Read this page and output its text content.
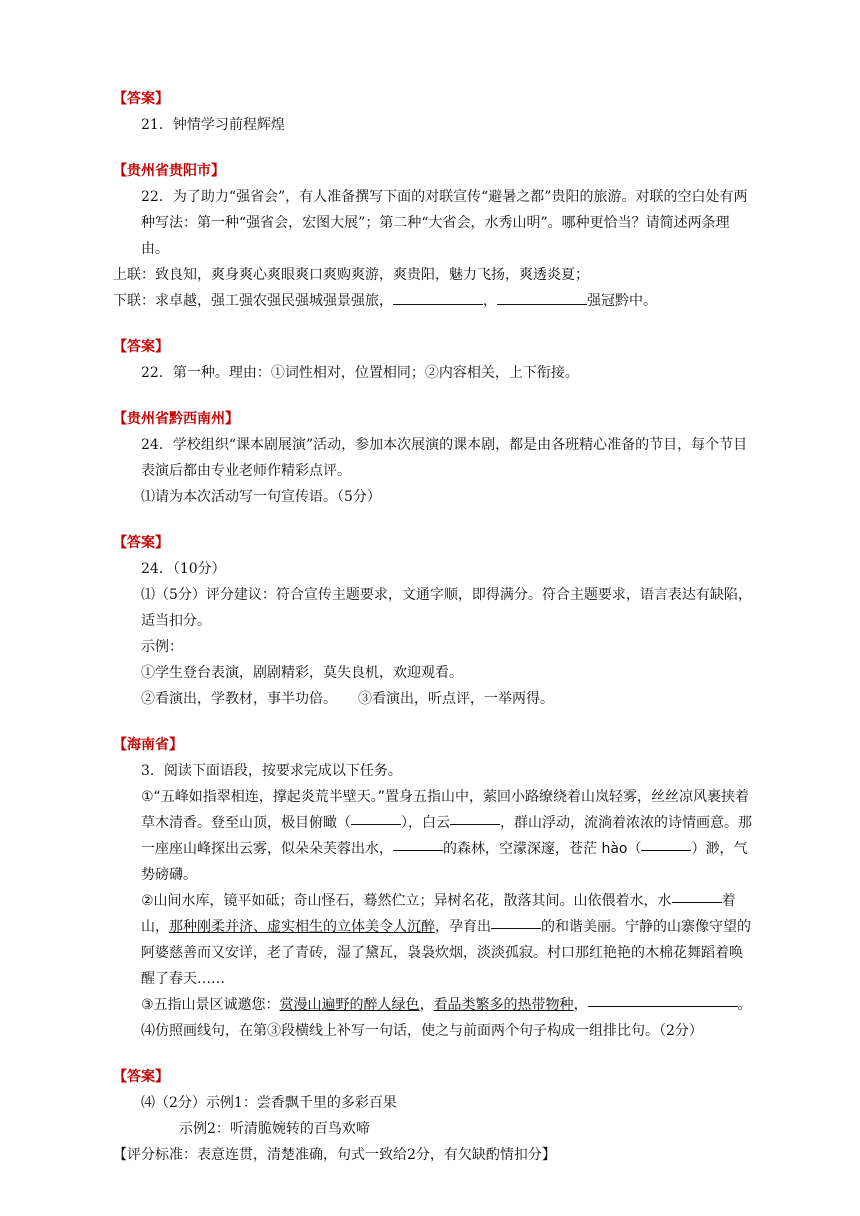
【答案】

21．钟情学习前程辉煌

【贵州省贵阳市】

22．为了助力“强省会”，有人准备撰写下面的对联宣传“避暑之都”贵阳的旅游。对联的空白处有两种写法：第一种“强省会，宏图大展”；第二种“大省会，水秀山明”。哪种更恰当？请简述两条理由。

上联：致良知，爽身爽心爽眼爽口爽购爽游，爽贵阳，魅力飞扬，爽透炎夏；

下联：求卓越，强工强农强民强城强景强旅，	，	强冠黔中。

【答案】

22．第一种。理由：①词性相对，位置相同；②内容相关，上下衔接。

【贵州省黔西南州】

24．学校组织“课本剧展演”活动，参加本次展演的课本剧，都是由各班精心准备的节目，每个节目表演后都由专业老师作精彩点评。

⑴请为本次活动写一句宣传语。（5分）

【答案】

24．（10分）

⑴（5分）评分建议：符合宣传主题要求，文通字顺，即得满分。符合主题要求，语言表达有缺陷，适当扣分。

示例：

①学生登台表演，剧剧精彩，莫失良机，欢迎观看。

②看演出，学教材，事半功倍。　　③看演出，听点评，一举两得。

【海南省】

3．阅读下面语段，按要求完成以下任务。

①“五峰如指翠相连，撑起炎荒半壁天。”置身五指山中，萦回小路缭绕着山岚轻雾，丝丝凉风裹挟着草木清香。登至山顶，极目俯瞰（	），白云	，群山浮动，流淌着浓浓的诗情画意。那一座座山峰探出云雾，似朵朵芙蓉出水，	的森林，空濛深邃，苍茫 hào（	）渺，气势磅礴。

②山间水库，镜平如砥；奇山怪石，蓦然伫立；异树名花，散落其间。山依偎着水，水	着山，那种刚柔并济、虚实相生的立体美令人沉醉，孕育出	的和谐美丽。宁静的山寨像守望的阿婆慈善而又安详，老了青砖，湿了黛瓦，袅袅炊烟，淡淡孤寂。村口那红艳艳的木棉花舞蹈着唤醒了春天……

③五指山景区诚邀您：赏漫山遍野的醉人绿色，看品类繁多的热带物种，	。

⑷仿照画线句，在第③段横线上补写一句话，使之与前面两个句子构成一组排比句。（2分）

【答案】

⑷（2分）示例1：尝香飘千里的多彩百果

示例2：听清脆婉转的百鸟欢啼

【评分标准：表意连贯，清楚准确，句式一致给2分，有欠缺酌情扣分】
